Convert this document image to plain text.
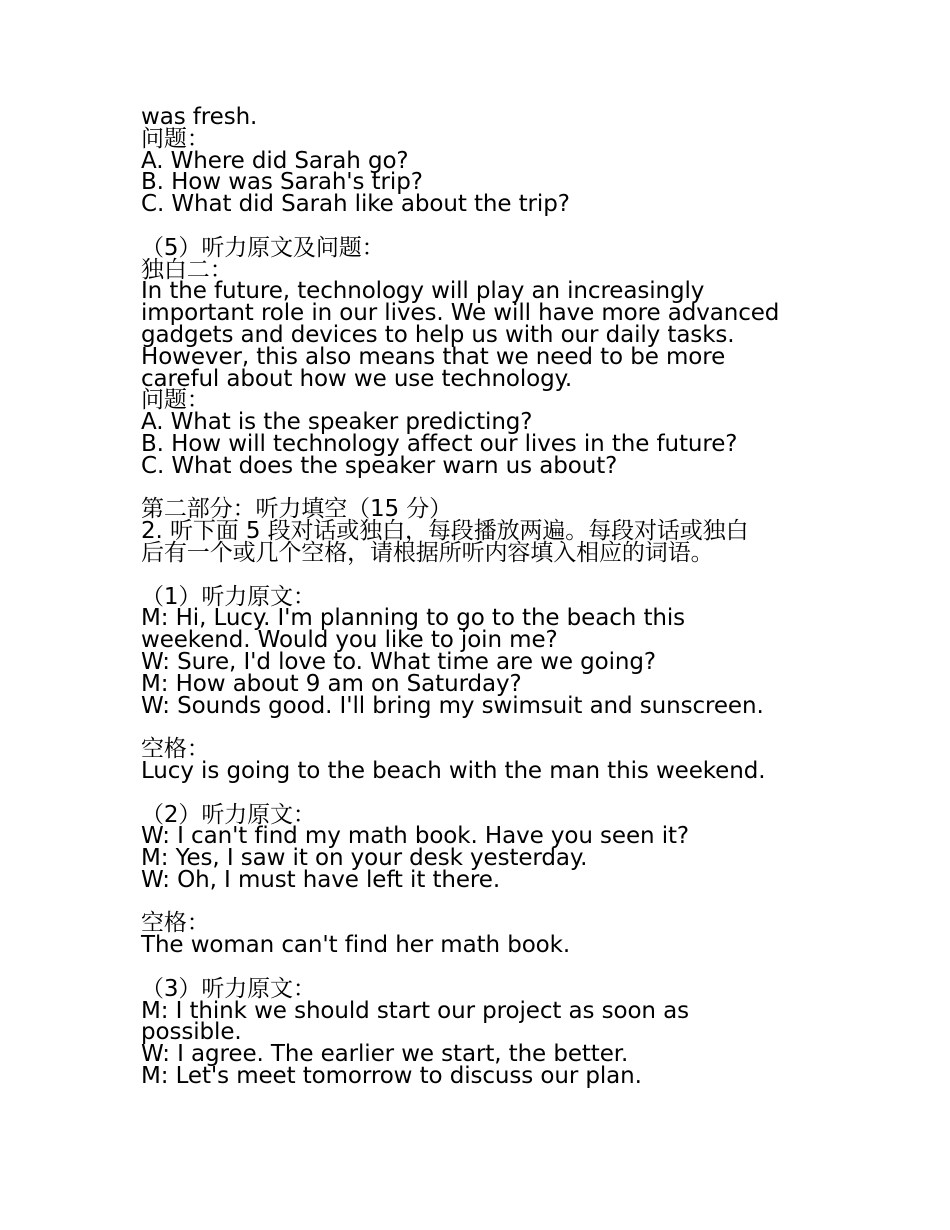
was fresh.
问题：
A. Where did Sarah go?
B. How was Sarah's trip?
C. What did Sarah like about the trip?
（5）听力原文及问题：
独白二：
In the future, technology will play an increasingly
important role in our lives. We will have more advanced
gadgets and devices to help us with our daily tasks.
However, this also means that we need to be more
careful about how we use technology.
问题：
A. What is the speaker predicting?
B. How will technology affect our lives in the future?
C. What does the speaker warn us about?
第二部分：听力填空（15 分）
2. 听下面 5 段对话或独白，每段播放两遍。每段对话或独白
后有一个或几个空格，请根据所听内容填入相应的词语。
（1）听力原文：
M: Hi, Lucy. I'm planning to go to the beach this
weekend. Would you like to join me?
W: Sure, I'd love to. What time are we going?
M: How about 9 am on Saturday?
W: Sounds good. I'll bring my swimsuit and sunscreen.
空格：
Lucy is going to the beach with the man this weekend.
（2）听力原文：
W: I can't find my math book. Have you seen it?
M: Yes, I saw it on your desk yesterday.
W: Oh, I must have left it there.
空格：
The woman can't find her math book.
（3）听力原文：
M: I think we should start our project as soon as
possible.
W: I agree. The earlier we start, the better.
M: Let's meet tomorrow to discuss our plan.
